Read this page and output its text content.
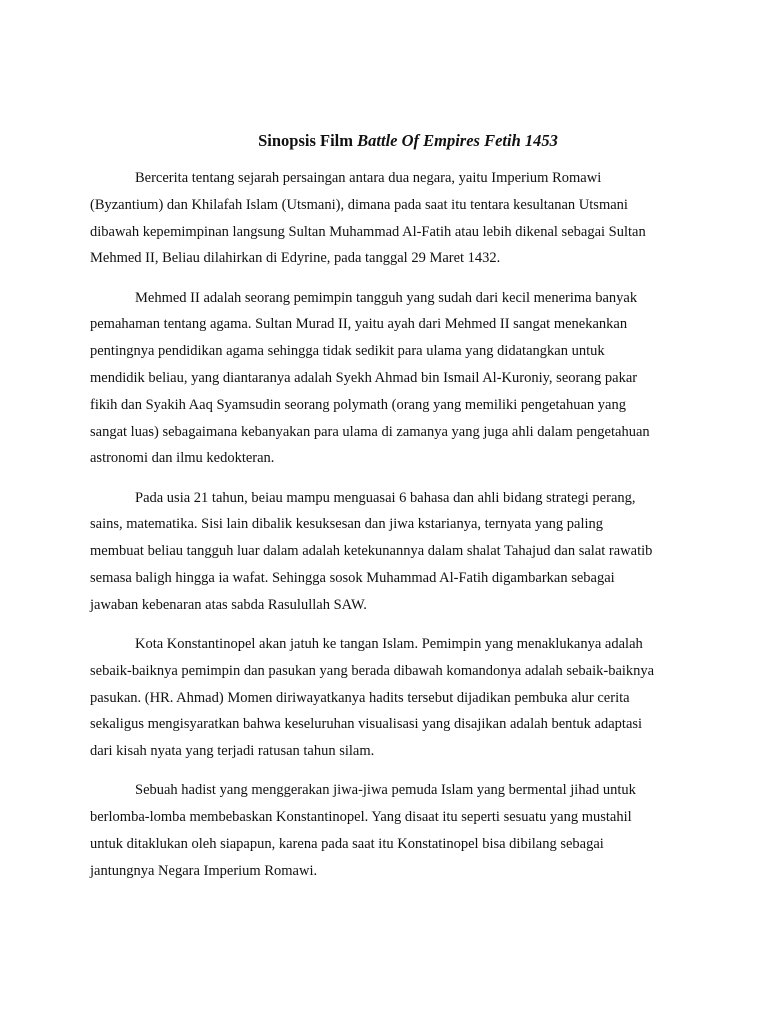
Sinopsis Film Battle Of Empires Fetih 1453
Bercerita tentang sejarah persaingan antara dua negara, yaitu Imperium Romawi
(Byzantium) dan Khilafah Islam (Utsmani), dimana pada saat itu tentara kesultanan Utsmani
dibawah kepemimpinan langsung Sultan Muhammad Al-Fatih atau lebih dikenal sebagai Sultan
Mehmed II, Beliau dilahirkan di Edyrine, pada tanggal 29 Maret 1432.
Mehmed II adalah seorang pemimpin tangguh yang sudah dari kecil menerima banyak
pemahaman tentang agama. Sultan Murad II, yaitu ayah dari Mehmed II sangat menekankan
pentingnya pendidikan agama sehingga tidak sedikit para ulama yang didatangkan untuk
mendidik beliau, yang diantaranya adalah Syekh Ahmad bin Ismail Al-Kuroniy, seorang pakar
fikih dan Syakih Aaq Syamsudin seorang polymath (orang yang memiliki pengetahuan yang
sangat luas) sebagaimana kebanyakan para ulama di zamanya yang juga ahli dalam pengetahuan
astronomi dan ilmu kedokteran.
Pada usia 21 tahun, beiau mampu menguasai 6 bahasa dan ahli bidang strategi perang,
sains, matematika. Sisi lain dibalik kesuksesan dan jiwa kstarianya, ternyata yang paling
membuat beliau tangguh luar dalam adalah ketekunannya dalam shalat Tahajud dan salat rawatib
semasa baligh hingga ia wafat. Sehingga sosok Muhammad Al-Fatih digambarkan sebagai
jawaban kebenaran atas sabda Rasulullah SAW.
Kota Konstantinopel akan jatuh ke tangan Islam. Pemimpin yang menaklukanya adalah
sebaik-baiknya pemimpin dan pasukan yang berada dibawah komandonya adalah sebaik-baiknya
pasukan. (HR. Ahmad) Momen diriwayatkanya hadits tersebut dijadikan pembuka alur cerita
sekaligus mengisyaratkan bahwa keseluruhan visualisasi yang disajikan adalah bentuk adaptasi
dari kisah nyata yang terjadi ratusan tahun silam.
Sebuah hadist yang menggerakan jiwa-jiwa pemuda Islam yang bermental jihad untuk
berlomba-lomba membebaskan Konstantinopel. Yang disaat itu seperti sesuatu yang mustahil
untuk ditaklukan oleh siapapun, karena pada saat itu Konstatinopel bisa dibilang sebagai
jantungnya Negara Imperium Romawi.
